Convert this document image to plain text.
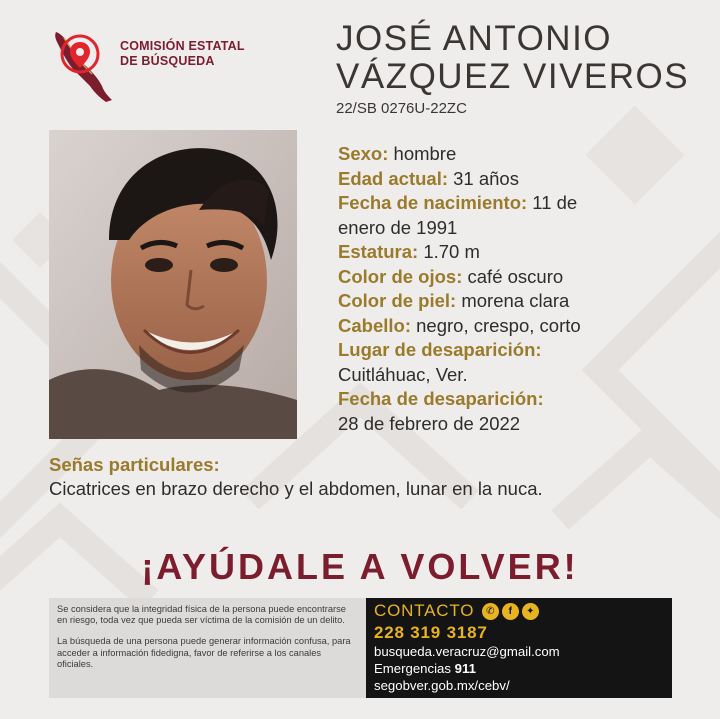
COMISIÓN ESTATAL
DE BÚSQUEDA
JOSÉ ANTONIO
VÁZQUEZ VIVEROS
22/SB 0276U-22ZC
Sexo: hombre
Edad actual: 31 años
Fecha de nacimiento: 11 de enero de 1991
Estatura: 1.70 m
Color de ojos: café oscuro
Color de piel: morena clara
Cabello: negro, crespo, corto
Lugar de desaparición:
Cuitláhuac, Ver.
Fecha de desaparición:
28 de febrero de 2022
Señas particulares:
Cicatrices en brazo derecho y el abdomen, lunar en la nuca.
¡AYÚDALE A VOLVER!

Se considera que la integridad física de la persona puede encontrarse en riesgo, toda vez que pueda ser víctima de la comisión de un delito.

La búsqueda de una persona puede generar información confusa, para acceder a información fidedigna, favor de referirse a los canales oficiales.

CONTACTO	✆	f	✦
228 319 3187
busqueda.veracruz@gmail.com
Emergencias 911
segobver.gob.mx/cebv/
